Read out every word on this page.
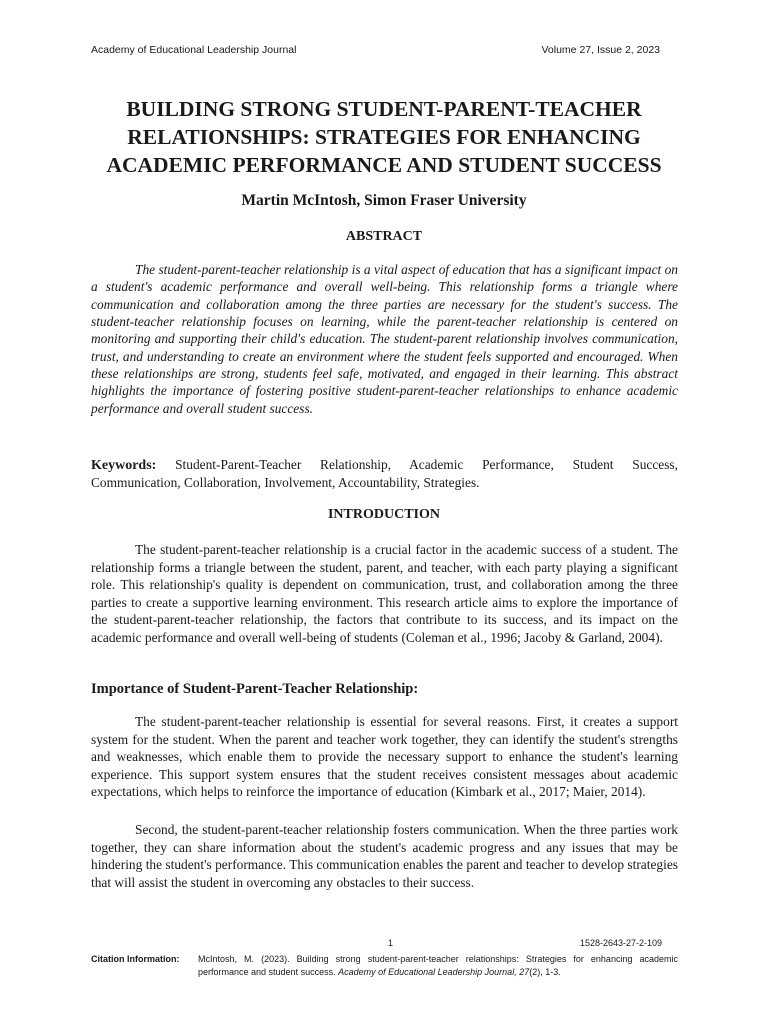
Academy of Educational Leadership Journal	Volume 27, Issue 2, 2023
BUILDING STRONG STUDENT-PARENT-TEACHER
RELATIONSHIPS: STRATEGIES FOR ENHANCING
ACADEMIC PERFORMANCE AND STUDENT SUCCESS
Martin McIntosh, Simon Fraser University
ABSTRACT

The student-parent-teacher relationship is a vital aspect of education that has a significant impact on a student's academic performance and overall well-being. This relationship forms a triangle where communication and collaboration among the three parties are necessary for the student's success. The student-teacher relationship focuses on learning, while the parent-teacher relationship is centered on monitoring and supporting their child's education. The student-parent relationship involves communication, trust, and understanding to create an environment where the student feels supported and encouraged. When these relationships are strong, students feel safe, motivated, and engaged in their learning. This abstract highlights the importance of fostering positive student-parent-teacher relationships to enhance academic performance and overall student success.

Keywords: Student-Parent-Teacher Relationship, Academic Performance, Student Success, Communication, Collaboration, Involvement, Accountability, Strategies.

INTRODUCTION

The student-parent-teacher relationship is a crucial factor in the academic success of a student. The relationship forms a triangle between the student, parent, and teacher, with each party playing a significant role. This relationship's quality is dependent on communication, trust, and collaboration among the three parties to create a supportive learning environment. This research article aims to explore the importance of the student-parent-teacher relationship, the factors that contribute to its success, and its impact on the academic performance and overall well-being of students (Coleman et al., 1996; Jacoby & Garland, 2004).

Importance of Student-Parent-Teacher Relationship:

The student-parent-teacher relationship is essential for several reasons. First, it creates a support system for the student. When the parent and teacher work together, they can identify the student's strengths and weaknesses, which enable them to provide the necessary support to enhance the student's learning experience. This support system ensures that the student receives consistent messages about academic expectations, which helps to reinforce the importance of education (Kimbark et al., 2017; Maier, 2014).

Second, the student-parent-teacher relationship fosters communication. When the three parties work together, they can share information about the student's academic progress and any issues that may be hindering the student's performance. This communication enables the parent and teacher to develop strategies that will assist the student in overcoming any obstacles to their success.

1	1528-2643-27-2-109
Citation Information:	McIntosh, M. (2023). Building strong student-parent-teacher relationships: Strategies for enhancing academic performance and student success. Academy of Educational Leadership Journal, 27(2), 1-3.
